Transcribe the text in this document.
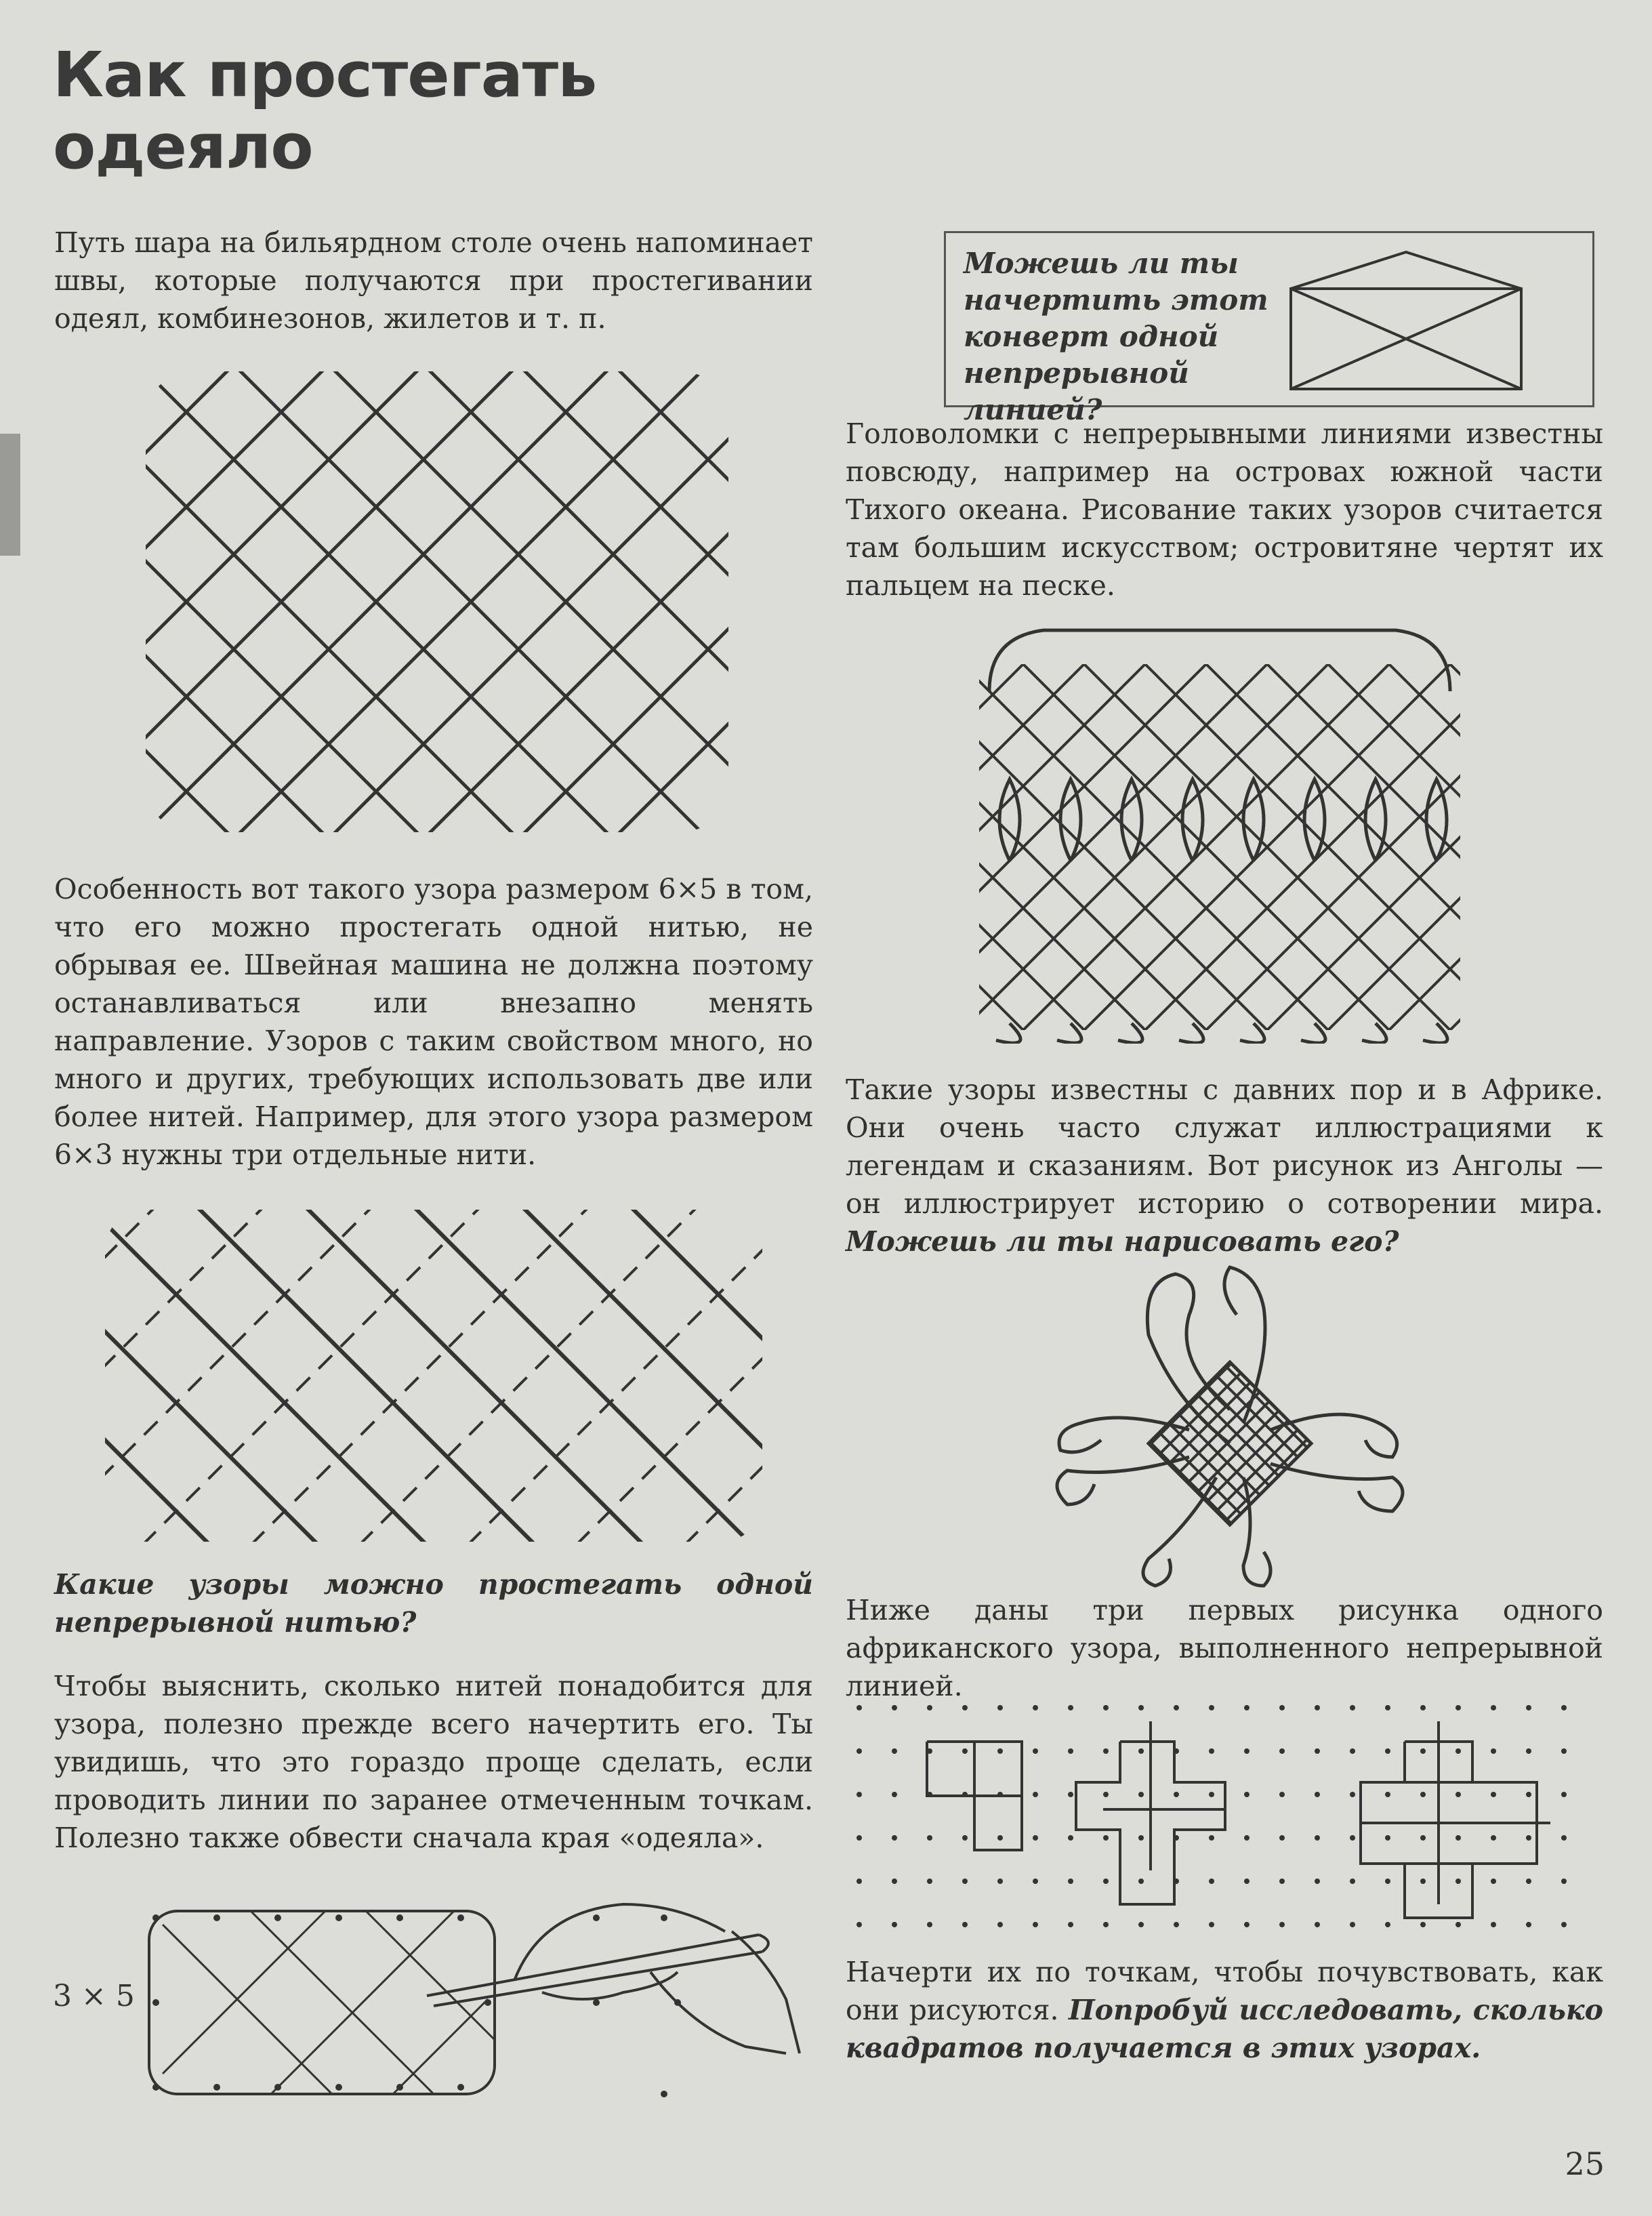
Как простегать
одеяло
Путь шара на бильярдном столе очень напоминает швы, которые получаются при простегивании одеял, комбинезонов, жилетов и т. п.
Особенность вот такого узора размером 6×5 в том, что его можно простегать одной нитью, не обрывая ее. Швейная машина не должна поэтому останавливаться или внезапно менять направление. Узоров с таким свойством много, но много и других, требующих использовать две или более нитей. Например, для этого узора размером 6×3 нужны три отдельные нити.
Какие узоры можно простегать одной непрерывной нитью?
Чтобы выяснить, сколько нитей понадобится для узора, полезно прежде всего начертить его. Ты увидишь, что это гораздо проще сделать, если проводить линии по заранее отмеченным точкам. Полезно также обвести сначала края «одеяла».
3 × 5
Можешь ли ты начертить этот конверт одной непрерывной линией?
Головоломки с непрерывными линиями известны повсюду, например на островах южной части Тихого океана. Рисование таких узоров считается там большим искусством; островитяне чертят их пальцем на песке.
Такие узоры известны с давних пор и в Африке. Они очень часто служат иллюстрациями к легендам и сказаниям. Вот рисунок из Анголы — он иллюстрирует историю о сотворении мира. Можешь ли ты нарисовать его?
Ниже даны три первых рисунка одного африканского узора, выполненного непрерывной линией.
Начерти их по точкам, чтобы почувствовать, как они рисуются. Попробуй исследовать, сколько квадратов получается в этих узорах.
25
